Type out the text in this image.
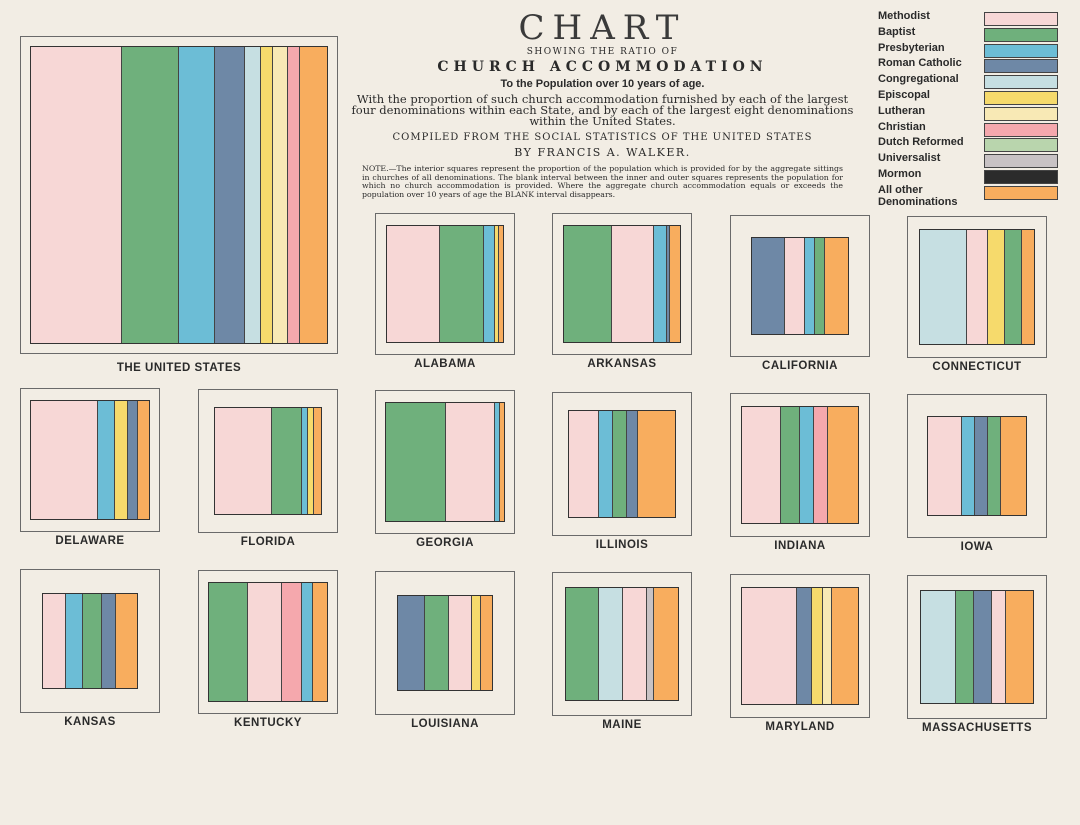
CHART
SHOWING THE RATIO OF
CHURCH ACCOMMODATION
To the Population over 10 years of age.
With the proportion of such church accommodation furnished by each of the largest four denominations within each State, and by each of the largest eight denominations within the United States.
COMPILED FROM THE SOCIAL STATISTICS OF THE UNITED STATES
BY FRANCIS A. WALKER.
NOTE.—The interior squares represent the proportion of the population which is provided for by the aggregate sittings in churches of all denominations. The blank interval between the inner and outer squares represents the population for which no church accommodation is provided. Where the aggregate church accommodation equals or exceeds the population over 10 years of age the BLANK interval disappears.
Methodist
Baptist
Presbyterian
Roman Catholic
Congregational
Episcopal
Lutheran
Christian
Dutch Reformed
Universalist
Mormon
All other Denominations
THE UNITED STATES	ALABAMA	ARKANSAS	CALIFORNIA	CONNECTICUT
DELAWARE	FLORIDA	GEORGIA	ILLINOIS	INDIANA	IOWA
KANSAS	KENTUCKY	LOUISIANA	MAINE	MARYLAND	MASSACHUSETTS
